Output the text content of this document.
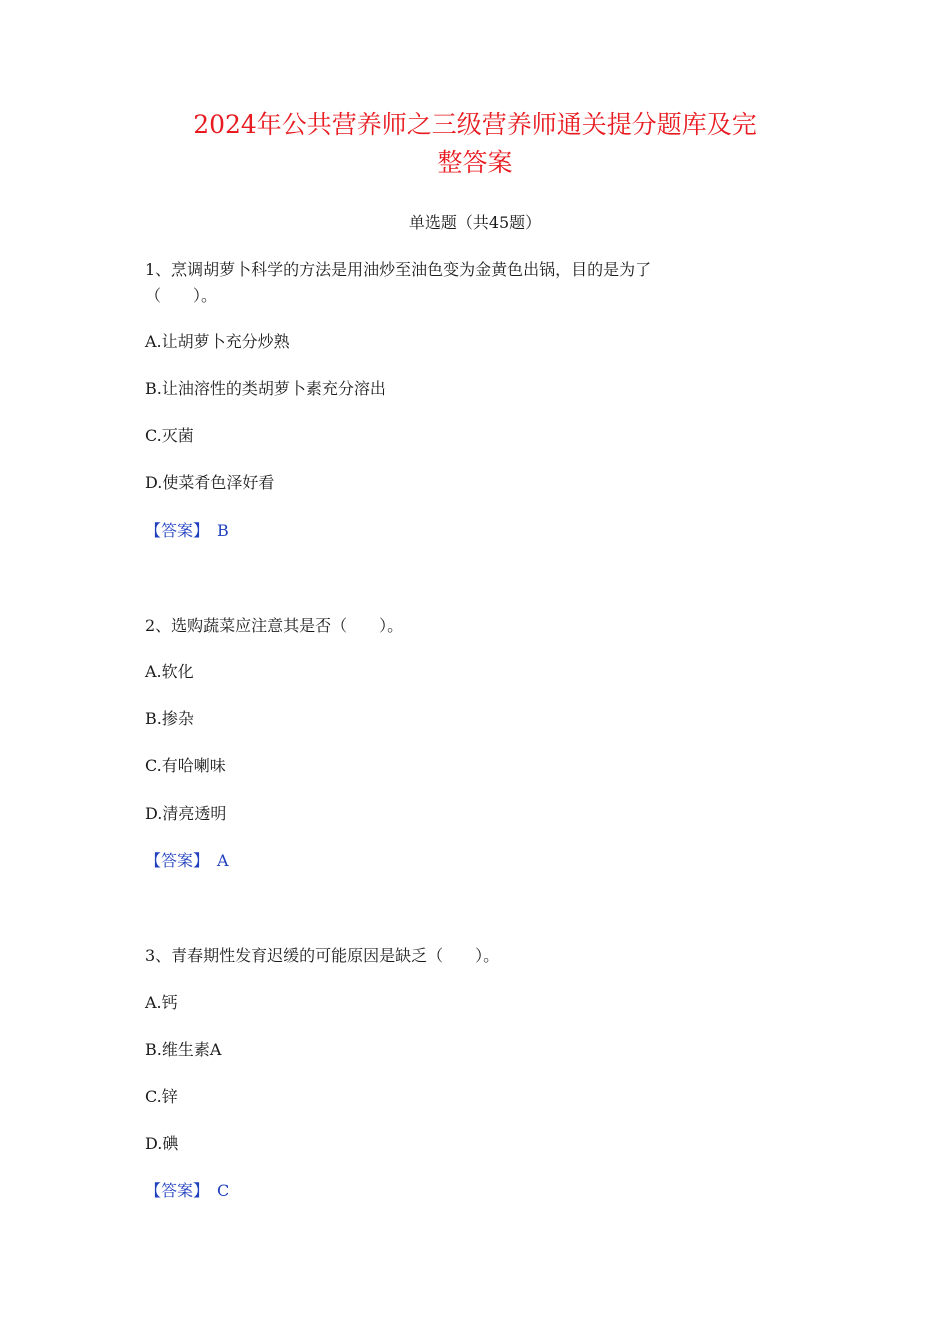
2024年公共营养师之三级营养师通关提分题库及完
整答案
单选题（共45题）
1、烹调胡萝卜科学的方法是用油炒至油色变为金黄色出锅，目的是为了
（　　）。
A.让胡萝卜充分炒熟
B.让油溶性的类胡萝卜素充分溶出
C.灭菌
D.使菜肴色泽好看
【答案】 B
2、选购蔬菜应注意其是否（　　）。
A.软化
B.掺杂
C.有哈喇味
D.清亮透明
【答案】 A
3、青春期性发育迟缓的可能原因是缺乏（　　）。
A.钙
B.维生素A
C.锌
D.碘
【答案】 C
